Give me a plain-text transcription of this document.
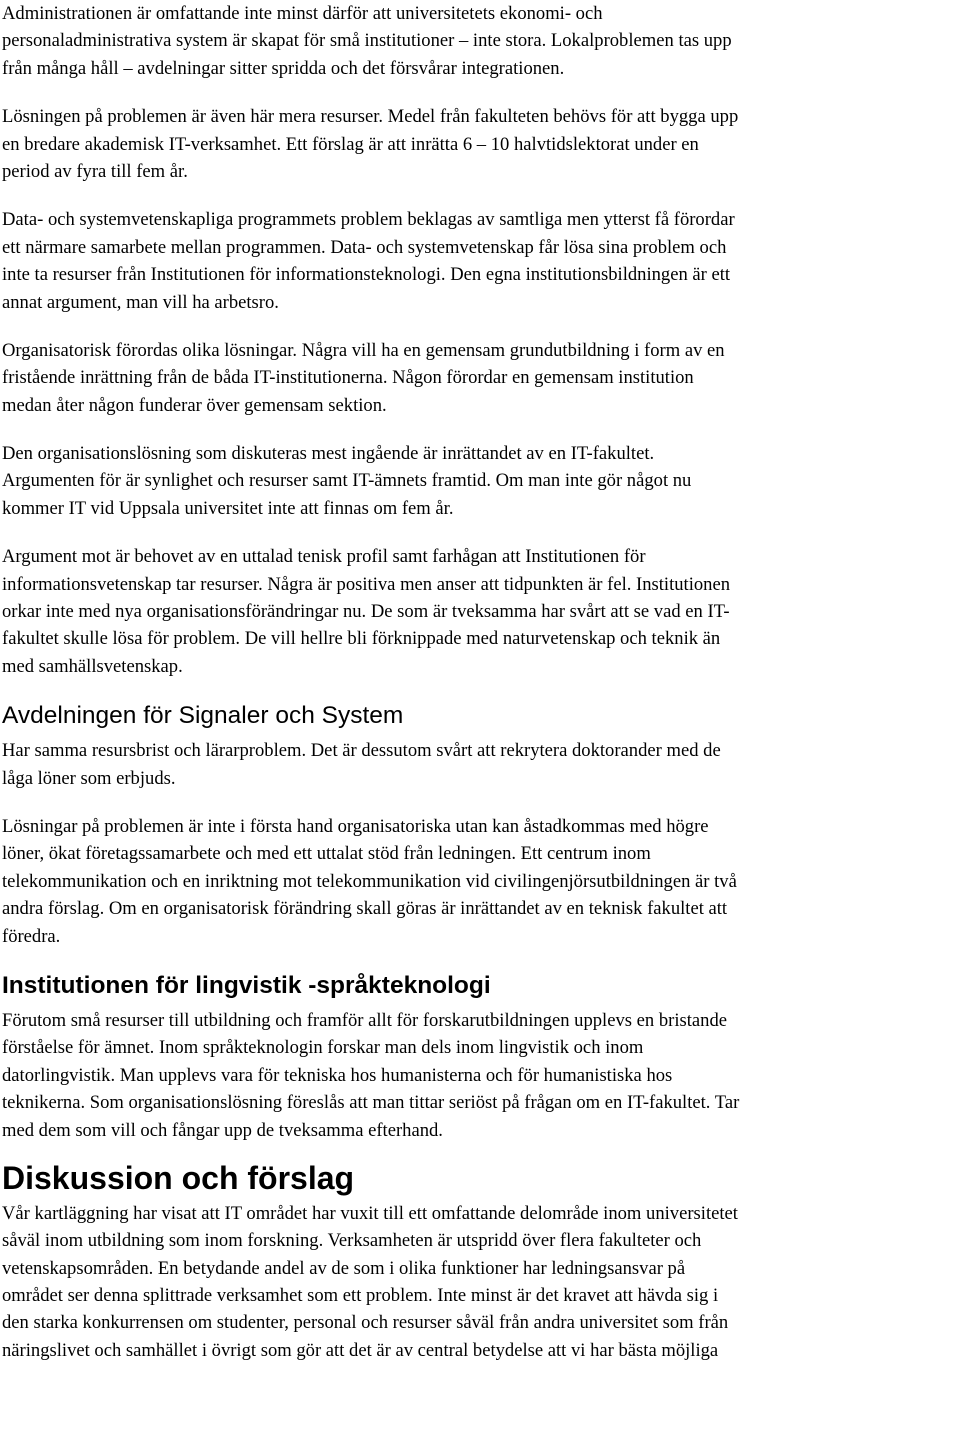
Administrationen är omfattande inte minst därför att universitetets ekonomi- och
personaladministrativa system är skapat för små institutioner – inte stora. Lokalproblemen tas upp
från många håll – avdelningar sitter spridda och det försvårar integrationen.
Lösningen på problemen är även här mera resurser. Medel från fakulteten behövs för att bygga upp
en bredare akademisk IT-verksamhet. Ett förslag är att inrätta 6 – 10 halvtidslektorat under en
period av fyra till fem år.
Data- och systemvetenskapliga programmets problem beklagas av samtliga men ytterst få förordar
ett närmare samarbete mellan programmen. Data- och systemvetenskap får lösa sina problem och
inte ta resurser från Institutionen för informationsteknologi. Den egna institutionsbildningen är ett
annat argument, man vill ha arbetsro.
Organisatorisk förordas olika lösningar. Några vill ha en gemensam grundutbildning i form av en
fristående inrättning från de båda IT-institutionerna. Någon förordar en gemensam institution
medan åter någon funderar över gemensam sektion.
Den organisationslösning som diskuteras mest ingående är inrättandet av en IT-fakultet.
Argumenten för är synlighet och resurser samt IT-ämnets framtid. Om man inte gör något nu
kommer IT vid Uppsala universitet inte att finnas om fem år.
Argument mot är behovet av en uttalad tenisk profil samt farhågan att Institutionen för
informationsvetenskap tar resurser. Några är positiva men anser att tidpunkten är fel. Institutionen
orkar inte med nya organisationsförändringar nu. De som är tveksamma har svårt att se vad en IT-
fakultet skulle lösa för problem. De vill hellre bli förknippade med naturvetenskap och teknik än
med samhällsvetenskap.
Avdelningen för Signaler och System
Har samma resursbrist och lärarproblem. Det är dessutom svårt att rekrytera doktorander med de
låga löner som erbjuds.
Lösningar på problemen är inte i första hand organisatoriska utan kan åstadkommas med högre
löner, ökat företagssamarbete och med ett uttalat stöd från ledningen. Ett centrum inom
telekommunikation och en inriktning mot telekommunikation vid civilingenjörsutbildningen är två
andra förslag. Om en organisatorisk förändring skall göras är inrättandet av en teknisk fakultet att
föredra.
Institutionen för lingvistik -språkteknologi
Förutom små resurser till utbildning och framför allt för forskarutbildningen upplevs en bristande
förståelse för ämnet. Inom språkteknologin forskar man dels inom lingvistik och inom
datorlingvistik. Man upplevs vara för tekniska hos humanisterna och för humanistiska hos
teknikerna. Som organisationslösning föreslås att man tittar seriöst på frågan om en IT-fakultet. Tar
med dem som vill och fångar upp de tveksamma efterhand.
Diskussion och förslag
Vår kartläggning har visat att IT området har vuxit till ett omfattande delområde inom universitetet
såväl inom utbildning som inom forskning. Verksamheten är utspridd över flera fakulteter och
vetenskapsområden. En betydande andel av de som i olika funktioner har ledningsansvar på
området ser denna splittrade verksamhet som ett problem. Inte minst är det kravet att hävda sig i
den starka konkurrensen om studenter, personal och resurser såväl från andra universitet som från
näringslivet och samhället i övrigt som gör att det är av central betydelse att vi har bästa möjliga
